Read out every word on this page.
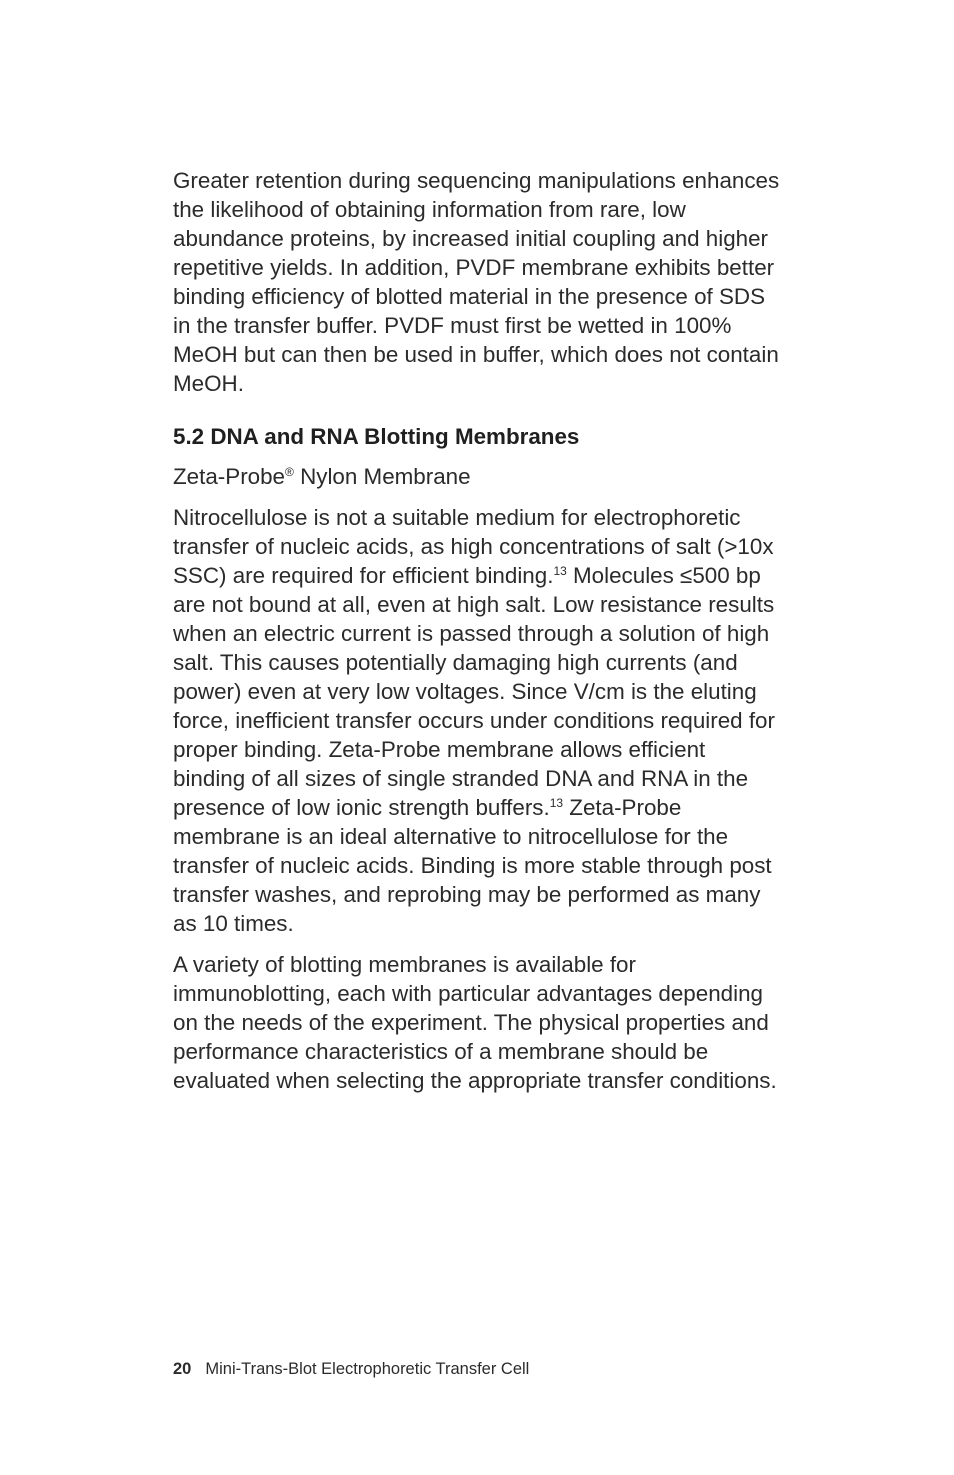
Greater retention during sequencing manipulations enhances the likelihood of obtaining information from rare, low abundance proteins, by increased initial coupling and higher repetitive yields. In addition, PVDF membrane exhibits better binding efficiency of blotted material in the presence of SDS in the transfer buffer. PVDF must first be wetted in 100% MeOH but can then be used in buffer, which does not contain MeOH.

5.2 DNA and RNA Blotting Membranes
Zeta-Probe® Nylon Membrane

Nitrocellulose is not a suitable medium for electrophoretic transfer of nucleic acids, as high concentrations of salt (>10x SSC) are required for efficient binding.$^{13}$ Molecules ≤500 bp are not bound at all, even at high salt. Low resistance results when an electric current is passed through a solution of high salt. This causes potentially damaging high currents (and power) even at very low voltages. Since V/cm is the eluting force, inefficient transfer occurs under conditions required for proper binding. Zeta-Probe membrane allows efficient binding of all sizes of single stranded DNA and RNA in the presence of low ionic strength buffers.$^{13}$ Zeta-Probe membrane is an ideal alternative to nitrocellulose for the transfer of nucleic acids. Binding is more stable through post transfer washes, and reprobing may be performed as many as 10 times.

A variety of blotting membranes is available for immunoblotting, each with particular advantages depending on the needs of the experiment. The physical properties and performance characteristics of a membrane should be evaluated when selecting the appropriate transfer conditions.

20 Mini-Trans-Blot Electrophoretic Transfer Cell
